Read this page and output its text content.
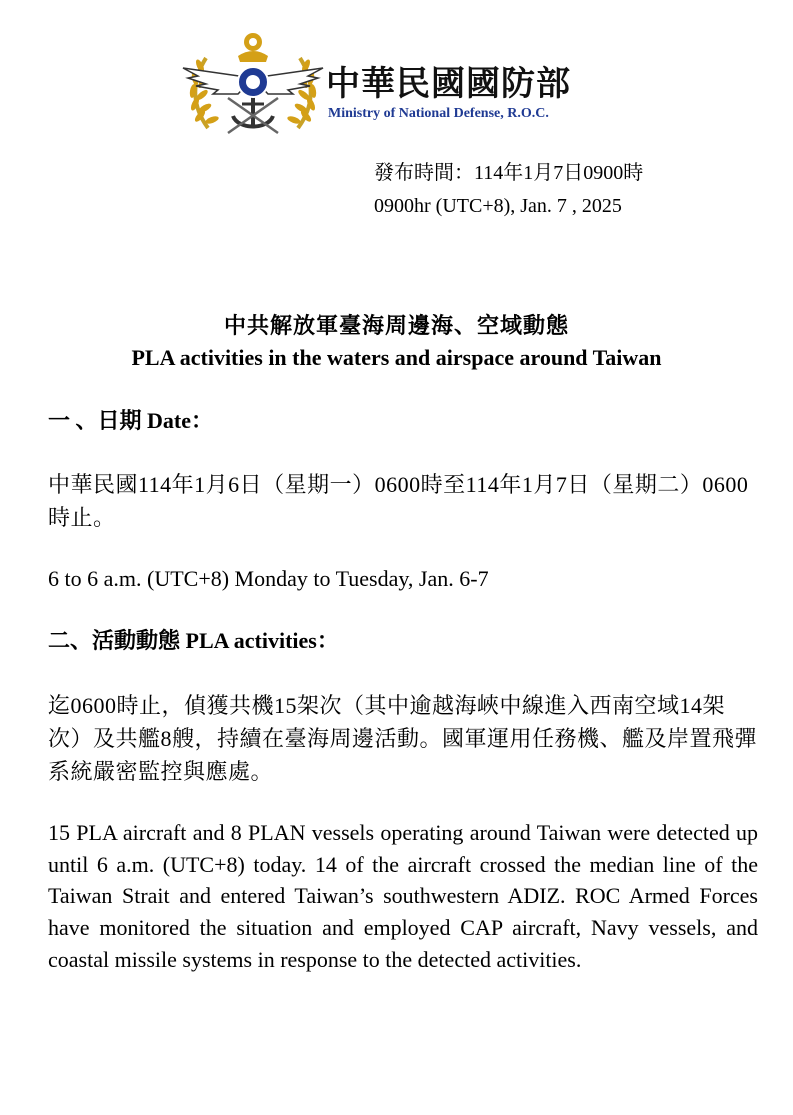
中華民國國防部
Ministry of National Defense, R.O.C.
發布時間：114年1月7日0900時
0900hr (UTC+8), Jan. 7 , 2025
中共解放軍臺海周邊海、空域動態
PLA activities in the waters and airspace around Taiwan
一 、日期 Date：
中華民國114年1月6日（星期一）0600時至114年1月7日（星期二）0600時止。
6 to 6 a.m. (UTC+8) Monday to Tuesday, Jan. 6-7
二、活動動態 PLA activities：
迄0600時止，偵獲共機15架次（其中逾越海峽中線進入西南空域14架次）及共艦8艘，持續在臺海周邊活動。國軍運用任務機、艦及岸置飛彈系統嚴密監控與應處。
15 PLA aircraft and 8 PLAN vessels operating around Taiwan were detected up until 6 a.m. (UTC+8) today. 14 of the aircraft crossed the median line of the Taiwan Strait and entered Taiwan’s southwestern ADIZ. ROC Armed Forces have monitored the situation and employed CAP aircraft, Navy vessels, and coastal missile systems in response to the detected activities.
